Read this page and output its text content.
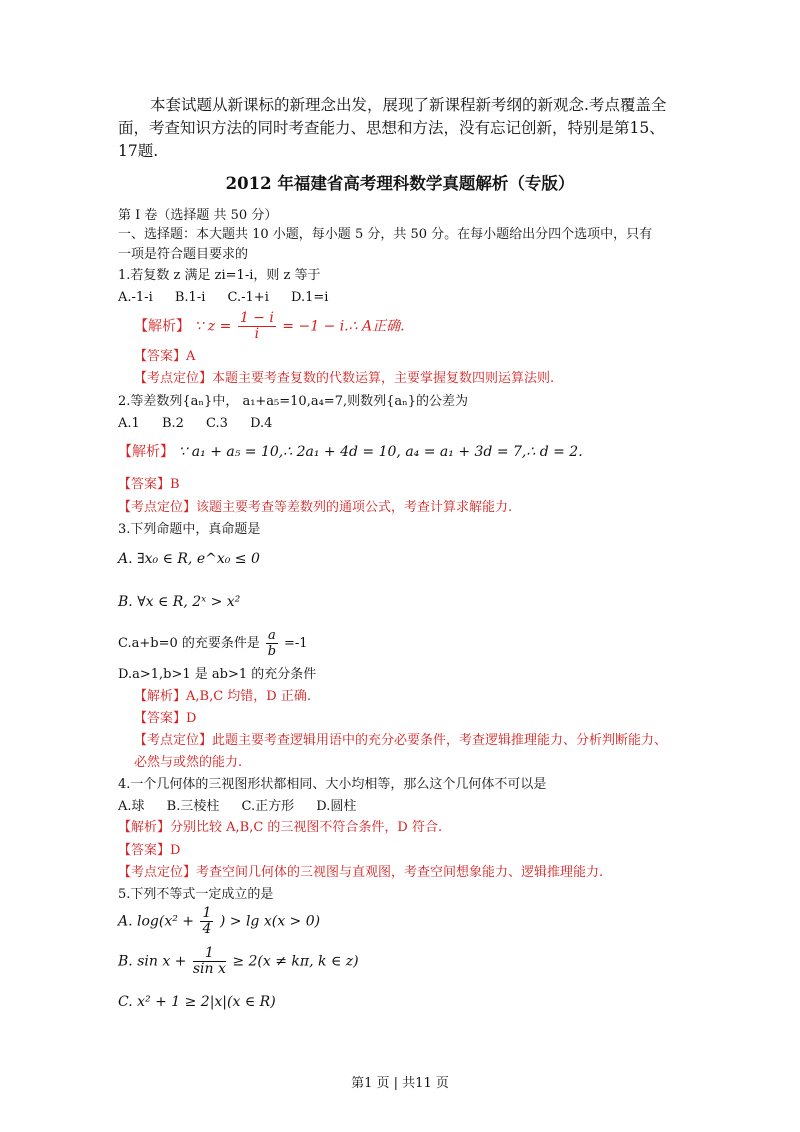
本套试题从新课标的新理念出发，展现了新课程新考纲的新观念.考点覆盖全面，考查知识方法的同时考查能力、思想和方法，没有忘记创新，特别是第15、17题.
2012 年福建省高考理科数学真题解析（专版）
第 I 卷（选择题 共 50 分）
一、选择题：本大题共 10 小题，每小题 5 分，共 50 分。在每小题给出分四个选项中，只有
一项是符合题目要求的
1.若复数 z 满足 zi=1-i，则 z 等于
A.-1-i B.1-i C.-1+i D.1=i
【解析】 ∵ $z = \frac{1 - i}{i} = -1$ − i.∴ A正确.
【答案】A
【考点定位】本题主要考查复数的代数运算，主要掌握复数四则运算法则.
2.等差数列{aₙ}中， a₁+a₅=10,a₄=7,则数列{aₙ}的公差为
A.1 B.2 C.3 D.4
【解析】 ∵ a₁ + a₅ = 10,∴ 2a₁ + 4d = 10, a₄ = a₁ + 3d = 7,∴ d = 2.
【答案】B
【考点定位】该题主要考查等差数列的通项公式，考查计算求解能力.
3.下列命题中，真命题是
A. ∃x₀ ∈ R, e^x₀ ≤ 0
B. ∀x ∈ R, 2ˣ > x²
C.a+b=0 的充要条件是 $\frac{a}{b} =-1$
D.a>1,b>1 是 ab>1 的充分条件
【解析】A,B,C 均错，D 正确.
【答案】D
【考点定位】此题主要考查逻辑用语中的充分必要条件，考查逻辑推理能力、分析判断能力、
必然与或然的能力.
4.一个几何体的三视图形状都相同、大小均相等，那么这个几何体不可以是
A.球 B.三棱柱 C.正方形 D.圆柱
【解析】分别比较 A,B,C 的三视图不符合条件，D 符合.
【答案】D
【考点定位】考查空间几何体的三视图与直观图，考查空间想象能力、逻辑推理能力.
5.下列不等式一定成立的是
A. $\log(x^2 + \frac{1}{4}$ ) > lg x(x > 0)
B. $\sin x + \frac{1}{\text{sin x}} \ge 2(x \ne k\pi$, k ∈ z)
C. x² + 1 ≥ 2|x|(x ∈ R)
第1 页 | 共11 页
